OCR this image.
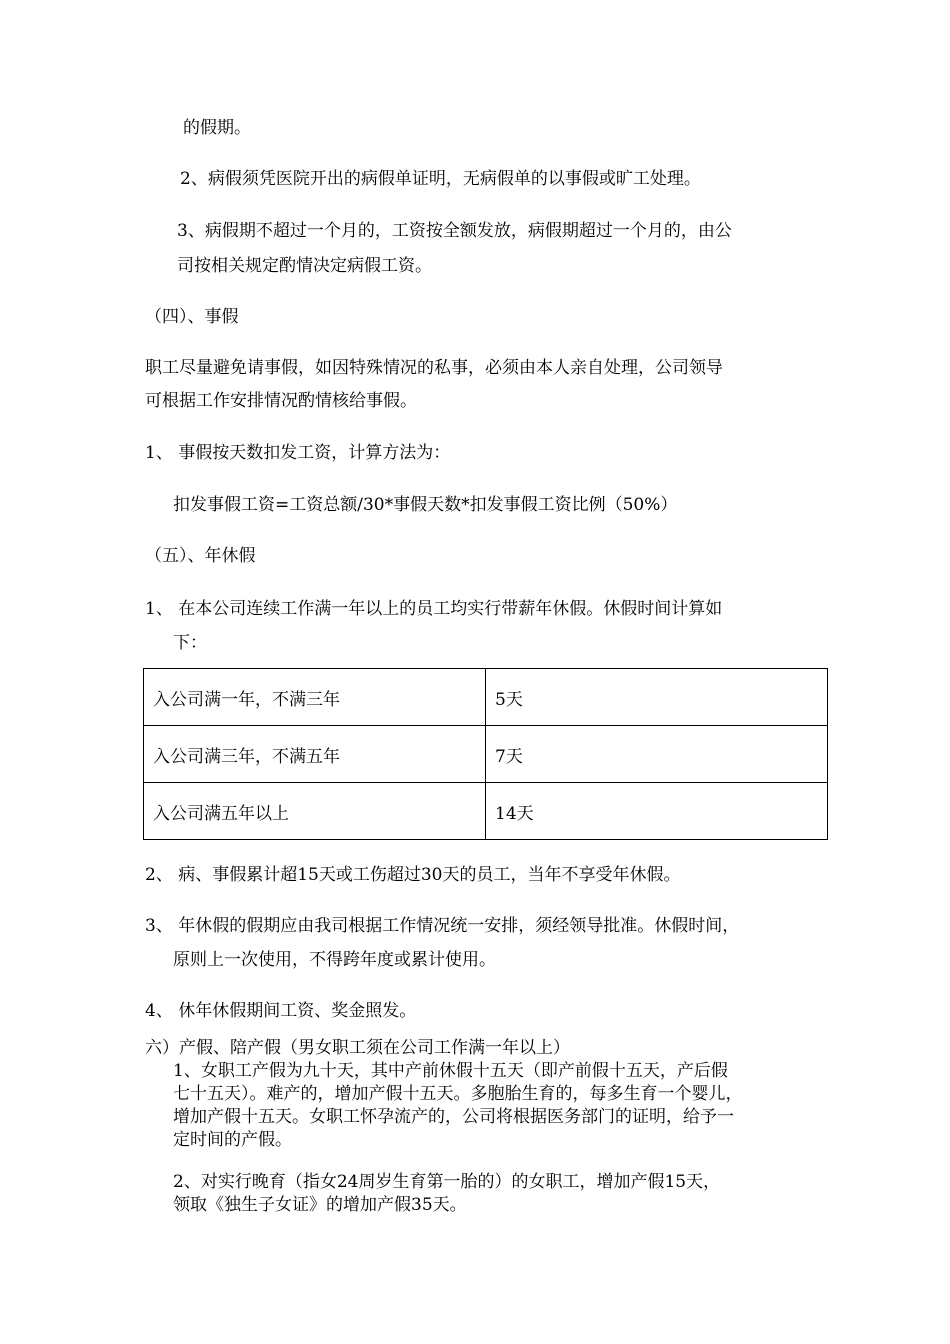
的假期。

2、病假须凭医院开出的病假单证明，无病假单的以事假或旷工处理。

3、病假期不超过一个月的，工资按全额发放，病假期超过一个月的，由公

司按相关规定酌情决定病假工资。

（四）、事假

职工尽量避免请事假，如因特殊情况的私事，必须由本人亲自处理，公司领导

可根据工作安排情况酌情核给事假。

1、 事假按天数扣发工资，计算方法为：

扣发事假工资=工资总额/30*事假天数*扣发事假工资比例（50%）

（五）、年休假

1、 在本公司连续工作满一年以上的员工均实行带薪年休假。休假时间计算如

下：

入公司满一年，不满三年	5天
入公司满三年，不满五年	7天
入公司满五年以上	14天

2、 病、事假累计超15天或工伤超过30天的员工，当年不享受年休假。

3、 年休假的假期应由我司根据工作情况统一安排，须经领导批准。休假时间，

原则上一次使用，不得跨年度或累计使用。

4、 休年休假期间工资、奖金照发。

六）产假、陪产假（男女职工须在公司工作满一年以上）

1、女职工产假为九十天，其中产前休假十五天（即产前假十五天，产后假

七十五天）。难产的，增加产假十五天。多胞胎生育的，每多生育一个婴儿，

增加产假十五天。女职工怀孕流产的，公司将根据医务部门的证明，给予一

定时间的产假。

2、对实行晚育（指女24周岁生育第一胎的）的女职工，增加产假15天，

领取《独生子女证》的增加产假35天。
